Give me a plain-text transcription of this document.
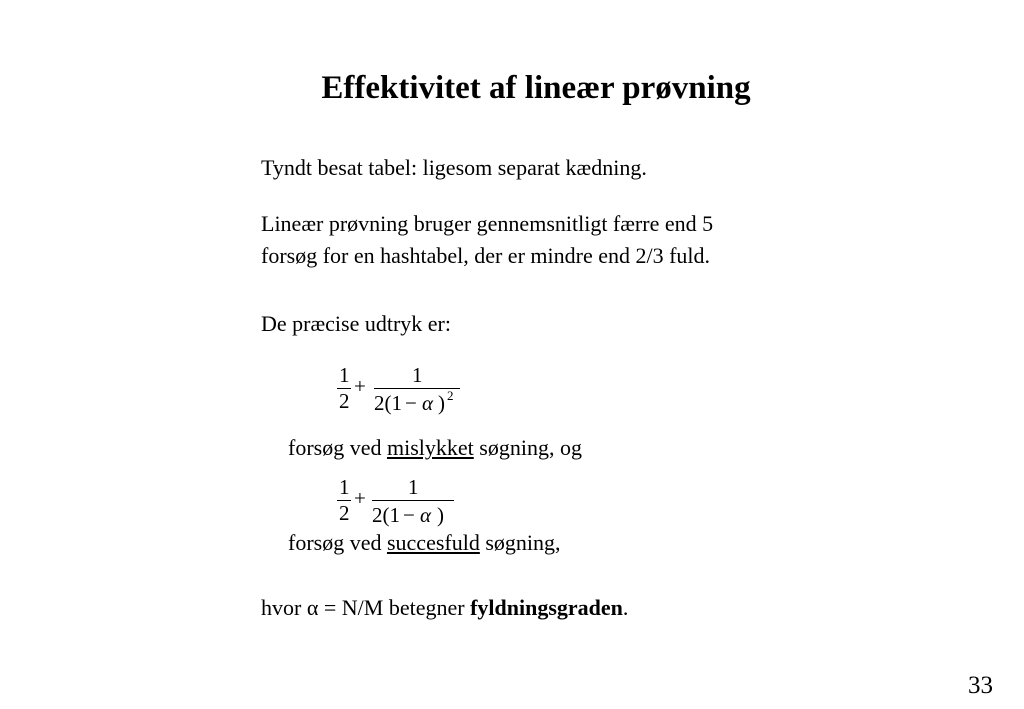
Effektivitet af lineær prøvning
Tyndt besat tabel: ligesom separat kædning.
Lineær prøvning bruger gennemsnitligt færre end 5
forsøg for en hashtabel, der er mindre end 2/3 fuld.
De præcise udtryk er:
1
2
+ 1
2(1 − α ) 2
forsøg ved mislykket søgning, og
1
2
+ 1
2(1 − α )
forsøg ved succesfuld søgning,
hvor α = N/M betegner fyldningsgraden.
33
